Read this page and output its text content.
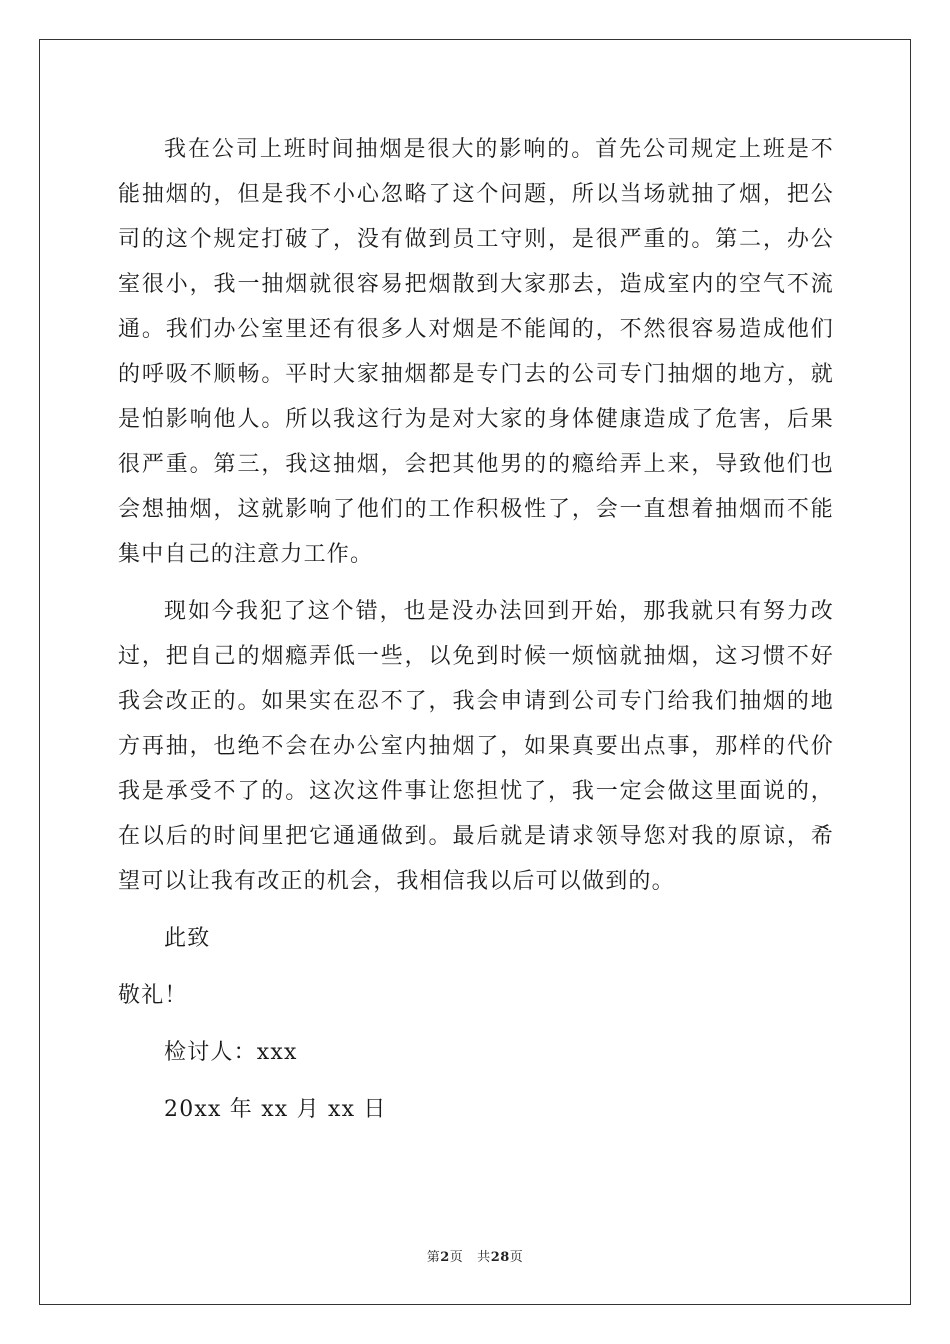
我在公司上班时间抽烟是很大的影响的。首先公司规定上班是不能抽烟的，但是我不小心忽略了这个问题，所以当场就抽了烟，把公司的这个规定打破了，没有做到员工守则，是很严重的。第二，办公室很小，我一抽烟就很容易把烟散到大家那去，造成室内的空气不流通。我们办公室里还有很多人对烟是不能闻的，不然很容易造成他们的呼吸不顺畅。平时大家抽烟都是专门去的公司专门抽烟的地方，就是怕影响他人。所以我这行为是对大家的身体健康造成了危害，后果很严重。第三，我这抽烟，会把其他男的的瘾给弄上来，导致他们也会想抽烟，这就影响了他们的工作积极性了，会一直想着抽烟而不能集中自己的注意力工作。

现如今我犯了这个错，也是没办法回到开始，那我就只有努力改过，把自己的烟瘾弄低一些，以免到时候一烦恼就抽烟，这习惯不好我会改正的。如果实在忍不了，我会申请到公司专门给我们抽烟的地方再抽，也绝不会在办公室内抽烟了，如果真要出点事，那样的代价我是承受不了的。这次这件事让您担忧了，我一定会做这里面说的，在以后的时间里把它通通做到。最后就是请求领导您对我的原谅，希望可以让我有改正的机会，我相信我以后可以做到的。

此致

敬礼！

检讨人：xxx

20xx 年 xx 月 xx 日

第2页 共28页
